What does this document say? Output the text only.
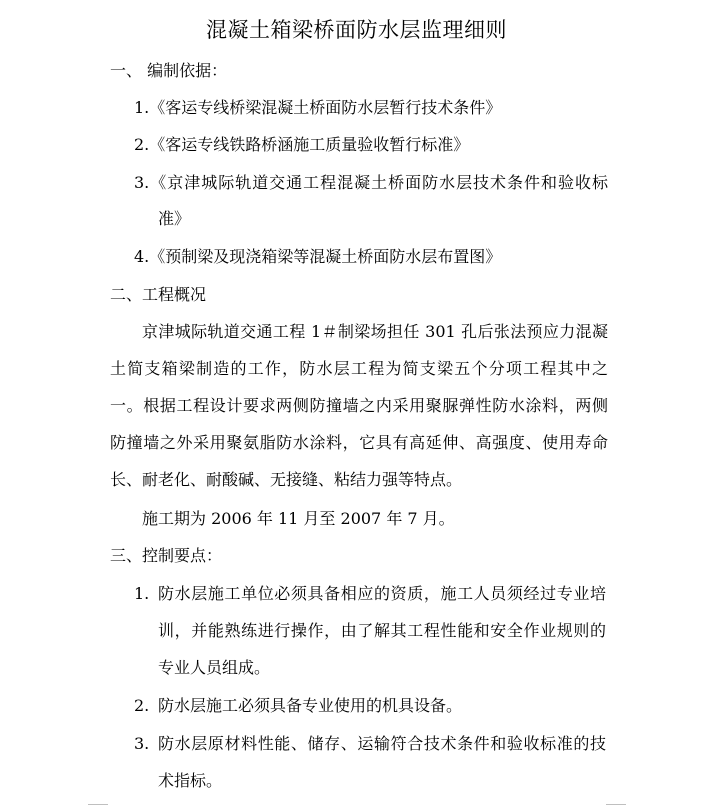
混凝土箱梁桥面防水层监理细则
一、 编制依据：
1.《客运专线桥梁混凝土桥面防水层暂行技术条件》
2.《客运专线铁路桥涵施工质量验收暂行标准》
3.《京津城际轨道交通工程混凝土桥面防水层技术条件和验收标
准》
4.《预制梁及现浇箱梁等混凝土桥面防水层布置图》
二、工程概况
京津城际轨道交通工程 1＃制梁场担任 301 孔后张法预应力混凝
土简支箱梁制造的工作，防水层工程为简支梁五个分项工程其中之
一。根据工程设计要求两侧防撞墙之内采用聚脲弹性防水涂料，两侧
防撞墙之外采用聚氨脂防水涂料，它具有高延伸、高强度、使用寿命
长、耐老化、耐酸碱、无接缝、粘结力强等特点。
施工期为 2006 年 11 月至 2007 年 7 月。
三、控制要点：
1. 防水层施工单位必须具备相应的资质，施工人员须经过专业培
训，并能熟练进行操作，由了解其工程性能和安全作业规则的
专业人员组成。
2. 防水层施工必须具备专业使用的机具设备。
3. 防水层原材料性能、储存、运输符合技术条件和验收标准的技
术指标。
